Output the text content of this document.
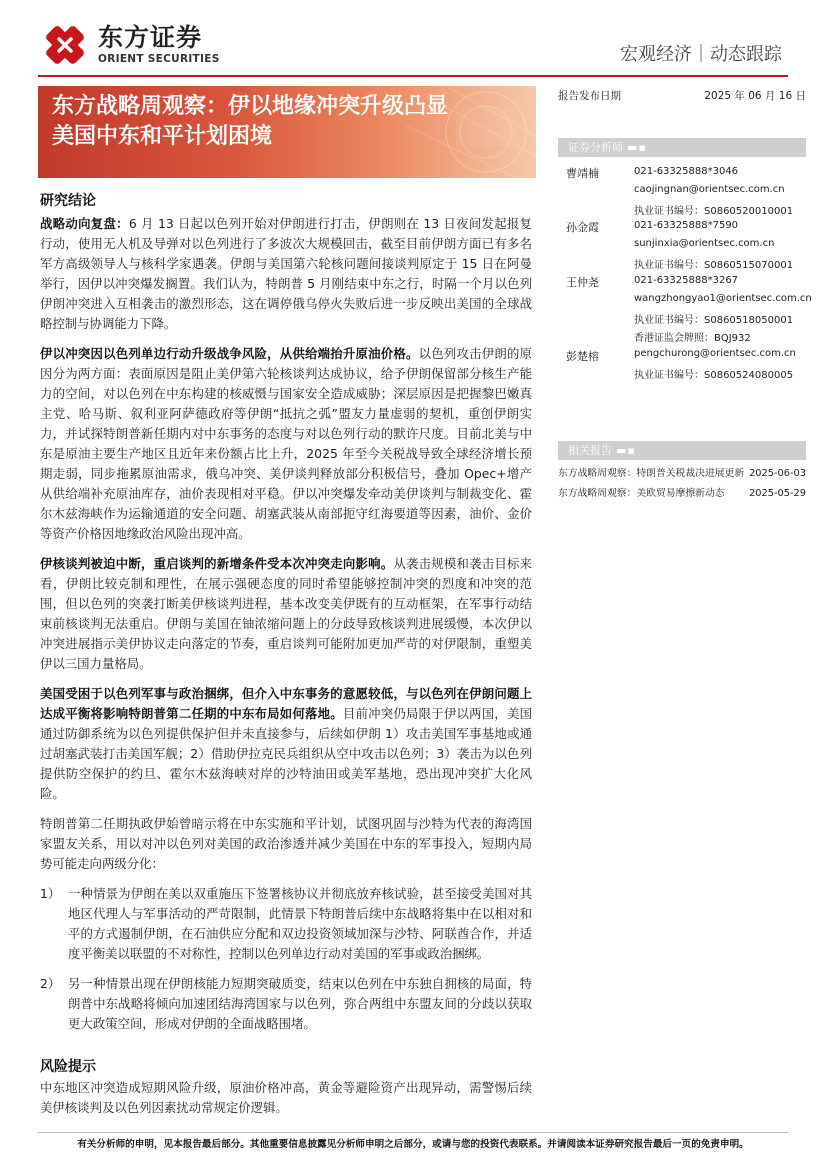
东方证券
ORIENT SECURITIES	宏观经济｜动态跟踪
东方战略周观察：伊以地缘冲突升级凸显
美国中东和平计划困境
报告发布日期	2025 年 06 月 16 日
证券分析师 ▬▪
曹靖楠	021-63325888*3046
caojingnan@orientsec.com.cn
执业证书编号：S0860520010001
孙金霞	021-63325888*7590
sunjinxia@orientsec.com.cn
执业证书编号：S0860515070001
王仲尧	021-63325888*3267
wangzhongyao1@orientsec.com.cn
执业证书编号：S0860518050001
香港证监会牌照：BQJ932
彭楚榕	pengchurong@orientsec.com.cn
执业证书编号：S0860524080005
相关报告 ▬▪
东方战略周观察：特朗普关税裁决进展更新 2025-06-03
东方战略周观察：美欧贸易摩擦新动态	2025-05-29
研究结论

战略动向复盘：6 月 13 日起以色列开始对伊朗进行打击，伊朗则在 13 日夜间发起报复行动，使用无人机及导弹对以色列进行了多波次大规模回击，截至目前伊朗方面已有多名军方高级领导人与核科学家遇袭。伊朗与美国第六轮核问题间接谈判原定于 15 日在阿曼举行，因伊以冲突爆发搁置。我们认为，特朗普 5 月刚结束中东之行，时隔一个月以色列伊朗冲突进入互相袭击的激烈形态，这在调停俄乌停火失败后进一步反映出美国的全球战略控制与协调能力下降。

伊以冲突因以色列单边行动升级战争风险，从供给端抬升原油价格。以色列攻击伊朗的原因分为两方面：表面原因是阻止美伊第六轮核谈判达成协议，给予伊朗保留部分核生产能力的空间，对以色列在中东构建的核威慑与国家安全造成威胁；深层原因是把握黎巴嫩真主党、哈马斯、叙利亚阿萨德政府等伊朗“抵抗之弧”盟友力量虚弱的契机，重创伊朗实力，并试探特朗普新任期内对中东事务的态度与对以色列行动的默许尺度。目前北美与中东是原油主要生产地区且近年来份额占比上升，2025 年至今关税战导致全球经济增长预期走弱，同步拖累原油需求，俄乌冲突、美伊谈判释放部分积极信号，叠加 Opec+增产从供给端补充原油库存，油价表现相对平稳。伊以冲突爆发牵动美伊谈判与制裁变化、霍尔木兹海峡作为运输通道的安全问题、胡塞武装从南部扼守红海要道等因素，油价、金价等资产价格因地缘政治风险出现冲高。

伊核谈判被迫中断，重启谈判的新增条件受本次冲突走向影响。从袭击规模和袭击目标来看，伊朗比较克制和理性，在展示强硬态度的同时希望能够控制冲突的烈度和冲突的范围，但以色列的突袭打断美伊核谈判进程，基本改变美伊既有的互动框架，在军事行动结束前核谈判无法重启。伊朗与美国在铀浓缩问题上的分歧导致核谈判进展缓慢，本次伊以冲突进展指示美伊协议走向落定的节奏，重启谈判可能附加更加严苛的对伊限制，重塑美伊以三国力量格局。

美国受困于以色列军事与政治捆绑，但介入中东事务的意愿较低，与以色列在伊朗问题上达成平衡将影响特朗普第二任期的中东布局如何落地。目前冲突仍局限于伊以两国，美国通过防御系统为以色列提供保护但并未直接参与，后续如伊朗 1）攻击美国军事基地或通过胡塞武装打击美国军舰；2）借助伊拉克民兵组织从空中攻击以色列；3）袭击为以色列提供防空保护的约旦、霍尔木兹海峡对岸的沙特油田或美军基地，恐出现冲突扩大化风险。

特朗普第二任期执政伊始曾暗示将在中东实施和平计划，试图巩固与沙特为代表的海湾国家盟友关系，用以对冲以色列对美国的政治渗透并减少美国在中东的军事投入，短期内局势可能走向两级分化：

1） 一种情景为伊朗在美以双重施压下签署核协议并彻底放弃核试验，甚至接受美国对其地区代理人与军事活动的严苛限制，此情景下特朗普后续中东战略将集中在以相对和平的方式遏制伊朗，在石油供应分配和双边投资领域加深与沙特、阿联酋合作，并适度平衡美以联盟的不对称性，控制以色列单边行动对美国的军事或政治捆绑。
2） 另一种情景出现在伊朗核能力短期突破质变，结束以色列在中东独自拥核的局面，特朗普中东战略将倾向加速团结海湾国家与以色列，弥合两组中东盟友间的分歧以获取更大政策空间，形成对伊朗的全面战略围堵。
风险提示

中东地区冲突造成短期风险升级，原油价格冲高，黄金等避险资产出现异动，需警惕后续美伊核谈判及以色列因素扰动常规定价逻辑。

有关分析师的申明，见本报告最后部分。其他重要信息披露见分析师申明之后部分，或请与您的投资代表联系。并请阅读本证券研究报告最后一页的免责申明。
